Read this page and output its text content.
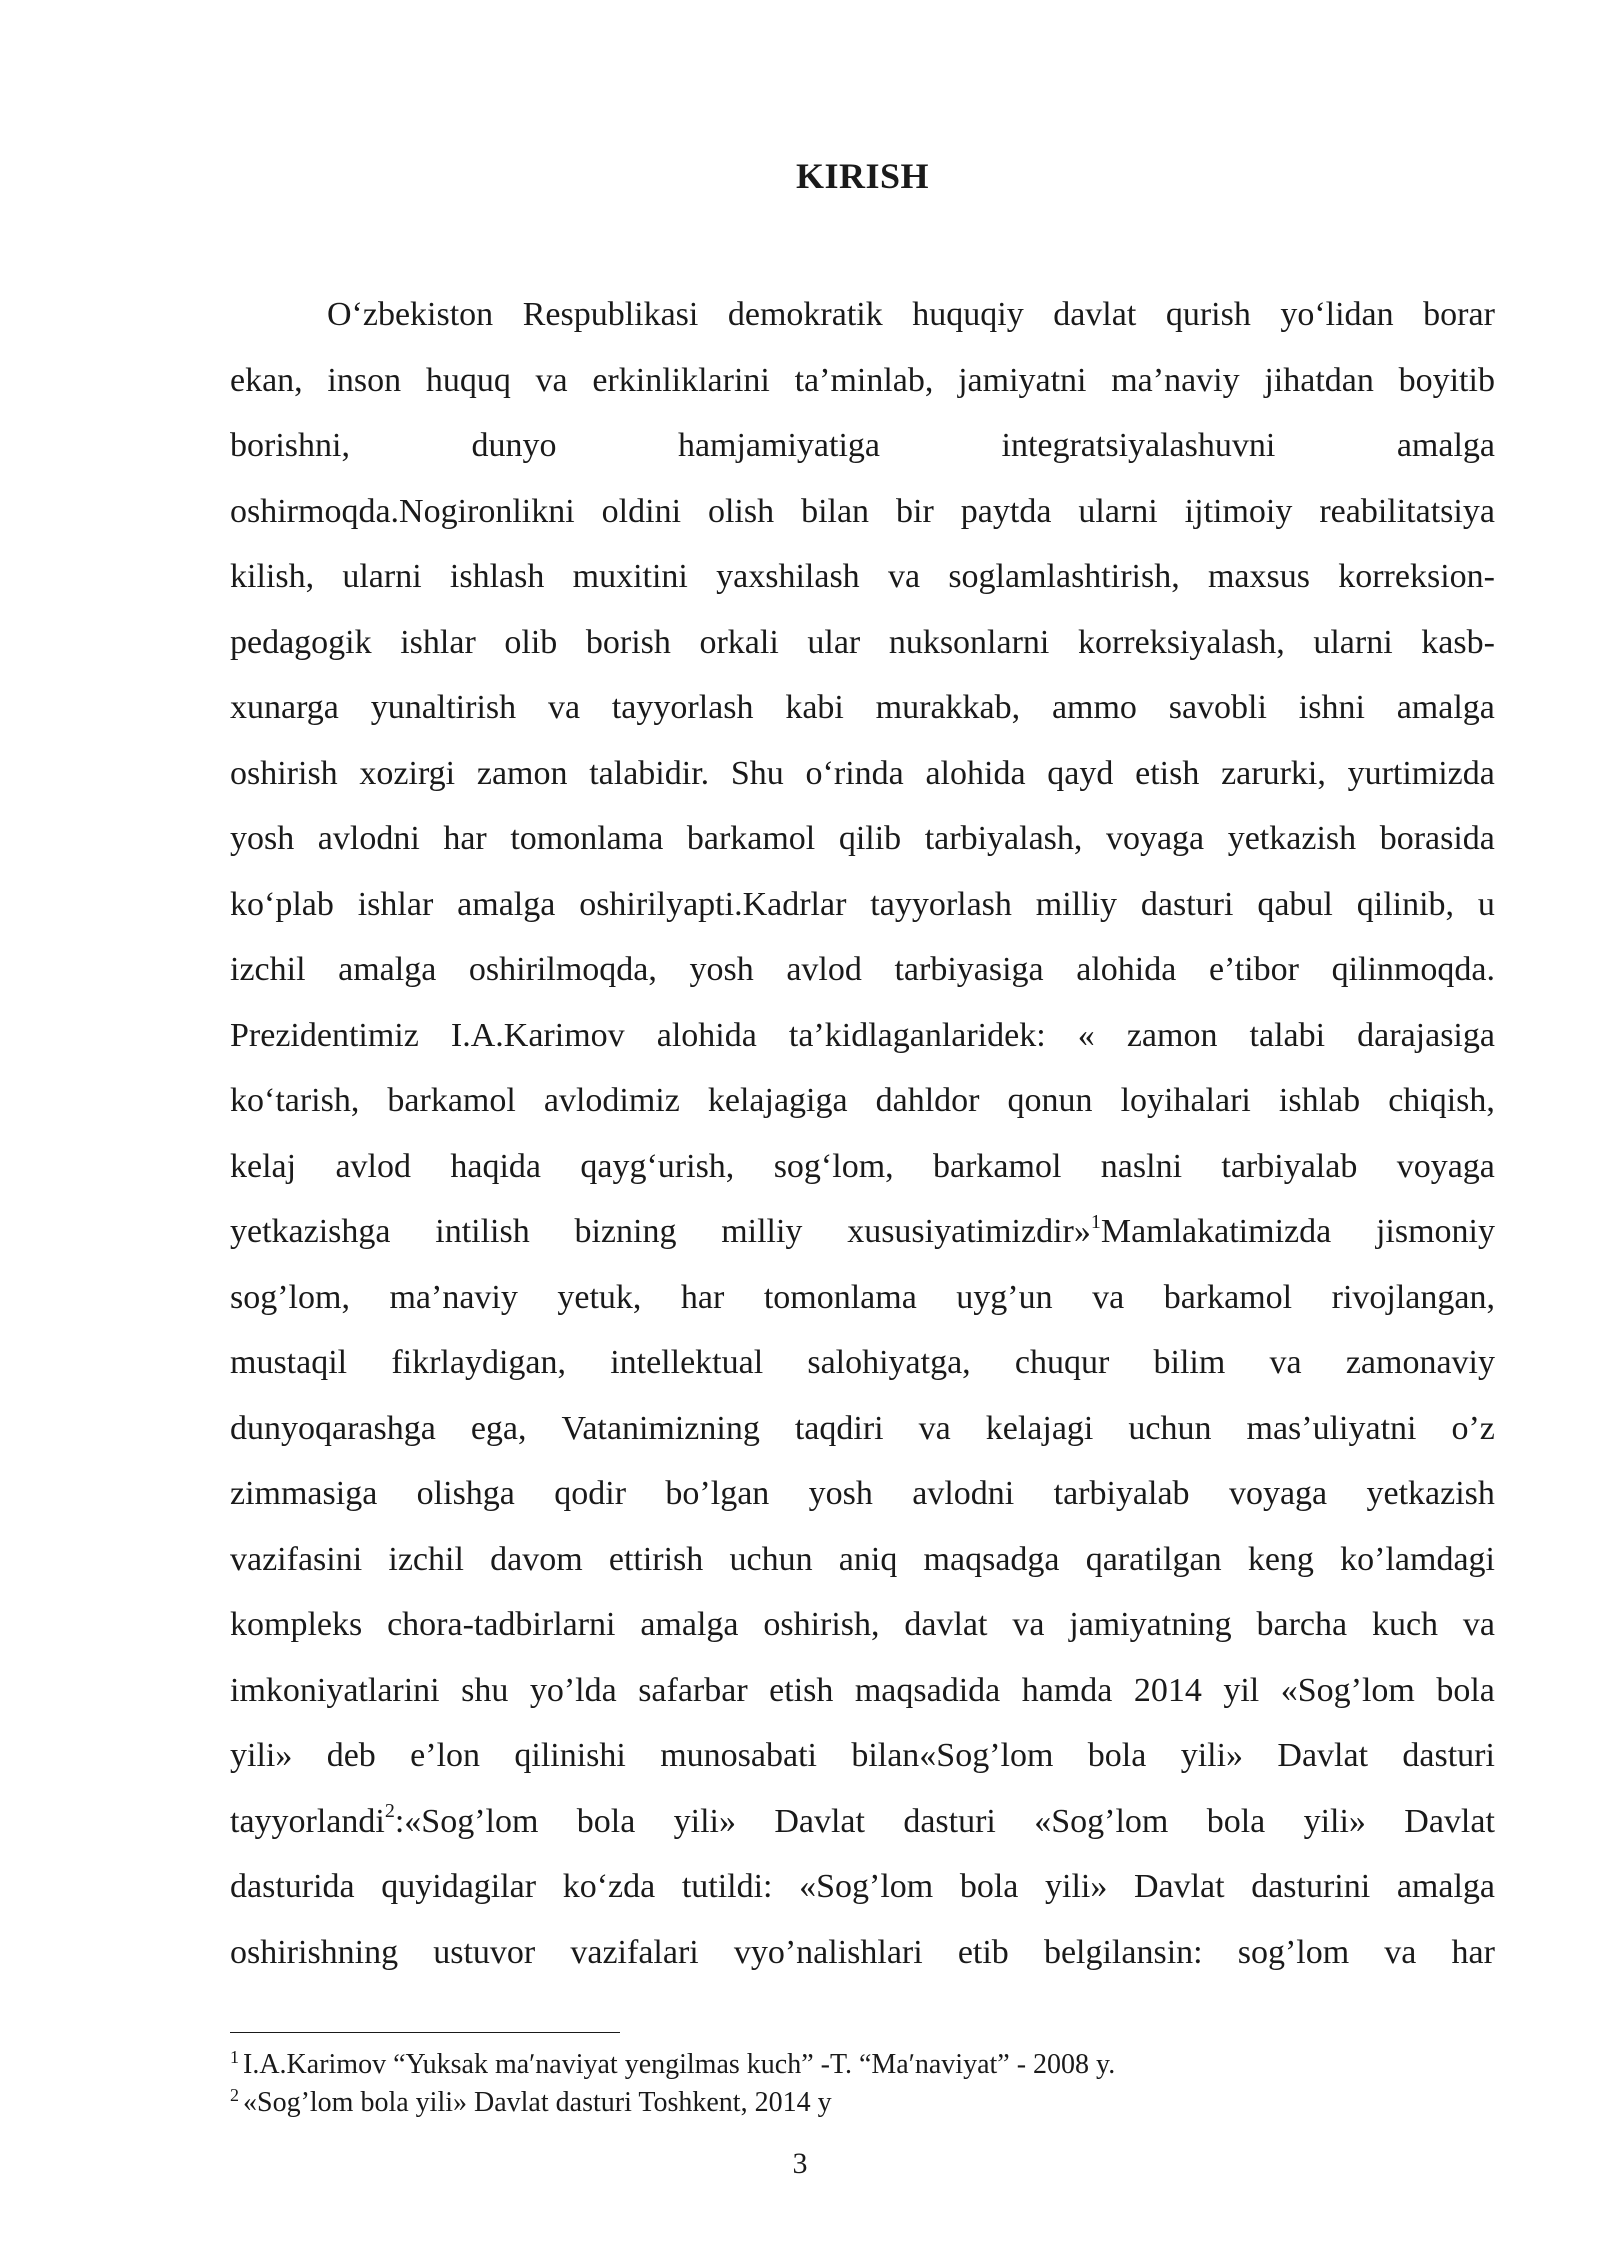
KIRISH
O‘zbekiston Respublikasi demokratik huquqiy davlat qurish yo‘lidan borar
ekan, inson huquq va erkinliklarini ta’minlab, jamiyatni ma’naviy jihatdan boyitib
borishni,	dunyo	hamjamiyatiga	integratsiyalashuvni	amalga
oshirmoqda.Nogironlikni oldini olish bilan bir paytda ularni ijtimoiy reabilitatsiya
kilish, ularni ishlash muxitini yaxshilash va soglamlashtirish, maxsus korreksion-
pedagogik ishlar olib borish orkali ular nuksonlarni korreksiyalash, ularni kasb-
xunarga yunaltirish va tayyorlash kabi murakkab, ammo savobli ishni amalga
oshirish xozirgi zamon talabidir. Shu o‘rinda alohida qayd etish zarurki, yurtimizda
yosh avlodni har tomonlama barkamol qilib tarbiyalash, voyaga yetkazish borasida
ko‘plab ishlar amalga oshirilyapti.Kadrlar tayyorlash milliy dasturi qabul qilinib, u
izchil amalga oshirilmoqda, yosh avlod tarbiyasiga alohida e’tibor qilinmoqda.
Prezidentimiz I.A.Karimov alohida ta’kidlaganlaridek: « zamon talabi darajasiga
ko‘tarish, barkamol avlodimiz kelajagiga dahldor qonun loyihalari ishlab chiqish,
kelaj avlod haqida qayg‘urish, sog‘lom, barkamol naslni tarbiyalab voyaga
yetkazishga intilish bizning milliy xususiyatimizdir»$^1$Mamlakatimizda jismoniy
sog’lom, ma’naviy yetuk, har tomonlama uyg’un va barkamol rivojlangan,
mustaqil fikrlaydigan, intellektual salohiyatga, chuqur bilim va zamonaviy
dunyoqarashga ega, Vatanimizning taqdiri va kelajagi uchun mas’uliyatni o’z
zimmasiga olishga qodir bo’lgan yosh avlodni tarbiyalab voyaga yetkazish
vazifasini izchil davom ettirish uchun aniq maqsadga qaratilgan keng ko’lamdagi
kompleks chora-tadbirlarni amalga oshirish, davlat va jamiyatning barcha kuch va
imkoniyatlarini shu yo’lda safarbar etish maqsadida hamda 2014 yil «Sog’lom bola
yili» deb e’lon qilinishi munosabati bilan«Sog’lom bola yili» Davlat dasturi
tayyorlandi$^2$:«Sog’lom bola yili» Davlat dasturi «Sog’lom bola yili» Davlat
dasturida quyidagilar ko‘zda tutildi: «Sog’lom bola yili» Davlat dasturini amalga
oshirishning ustuvor vazifalari vyo’nalishlari etib belgilansin: sog’lom va har
$^1$ I.A.Karimov “Yuksak maʹnaviyat yengilmas kuch” -T. “Maʹnaviyat” - 2008 y.
$^2$ «Sog’lom bola yili» Davlat dasturi Toshkent, 2014 y
3
